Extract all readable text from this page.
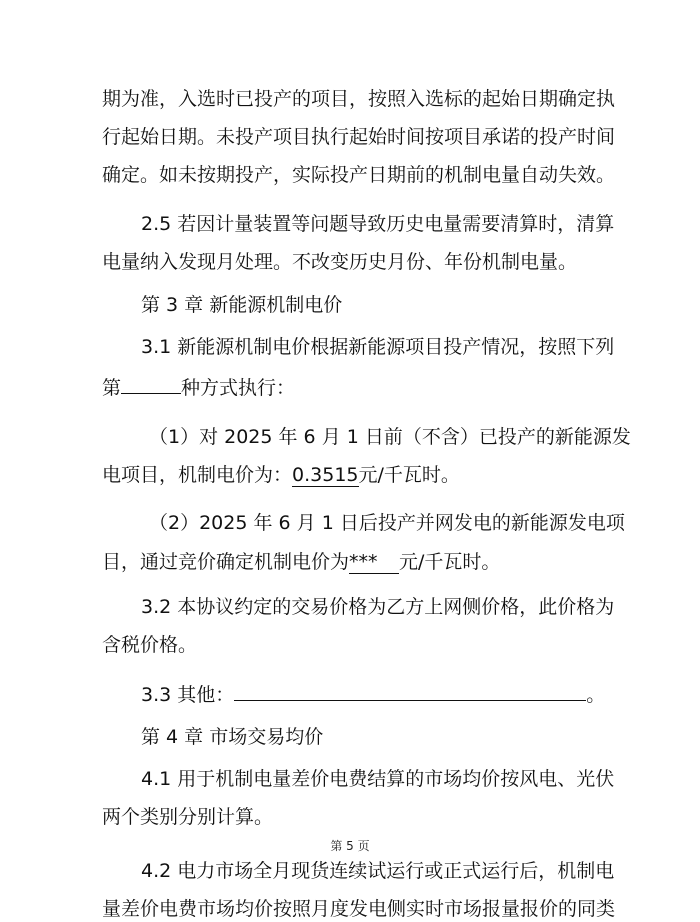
期为准，入选时已投产的项目，按照入选标的起始日期确定执
行起始日期。未投产项目执行起始时间按项目承诺的投产时间
确定。如未按期投产，实际投产日期前的机制电量自动失效。
2.5 若因计量装置等问题导致历史电量需要清算时，清算
电量纳入发现月处理。不改变历史月份、年份机制电量。
第 3 章 新能源机制电价
3.1 新能源机制电价根据新能源项目投产情况，按照下列
第	种方式执行：
（1）对 2025 年 6 月 1 日前（不含）已投产的新能源发
电项目，机制电价为：0.3515元/千瓦时。
（2）2025 年 6 月 1 日后投产并网发电的新能源发电项
目，通过竞价确定机制电价为*** 元/千瓦时。
3.2 本协议约定的交易价格为乙方上网侧价格，此价格为
含税价格。
3.3 其他：	。
第 4 章 市场交易均价
4.1 用于机制电量差价电费结算的市场均价按风电、光伏
两个类别分别计算。
4.2 电力市场全月现货连续试运行或正式运行后，机制电
量差价电费市场均价按照月度发电侧实时市场报量报价的同类
第 5 页
